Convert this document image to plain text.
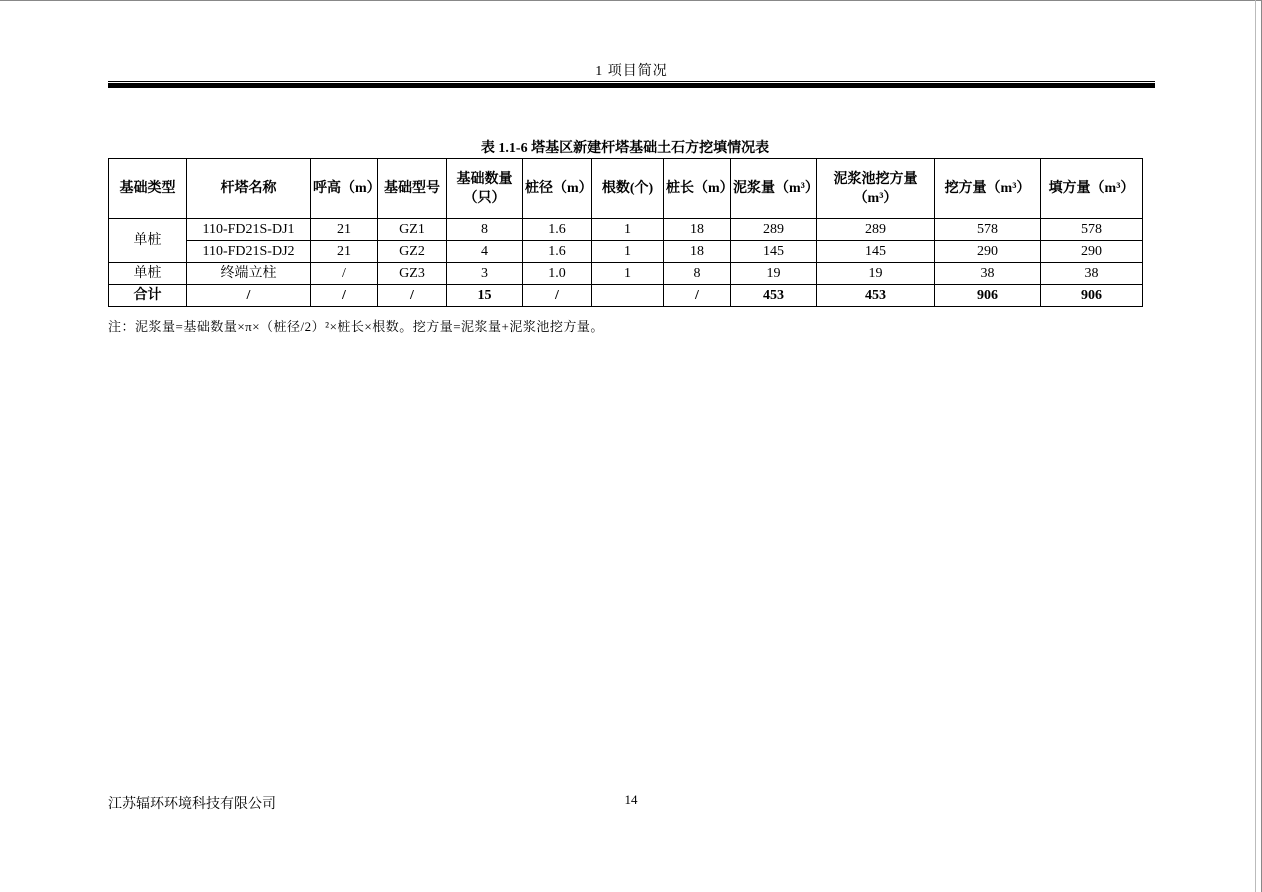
1 项目简况
表 1.1-6 塔基区新建杆塔基础土石方挖填情况表
基础类型	杆塔名称	呼高（m）	基础型号	基础数量（只）	桩径（m）	根数(个)	桩长（m）	泥浆量（m³）	泥浆池挖方量（m³）	挖方量（m³）	填方量（m³）
单桩	110-FD21S-DJ1	21	GZ1	8	1.6	1	18	289	289	578	578
	110-FD21S-DJ2	21	GZ2	4	1.6	1	18	145	145	290	290
单桩	终端立柱	/	GZ3	3	1.0	1	8	19	19	38	38
合计	/	/	/	15	/		/	453	453	906	906
注：泥浆量=基础数量×π×（桩径/2）²×桩长×根数。挖方量=泥浆量+泥浆池挖方量。
江苏辐环环境科技有限公司	14
